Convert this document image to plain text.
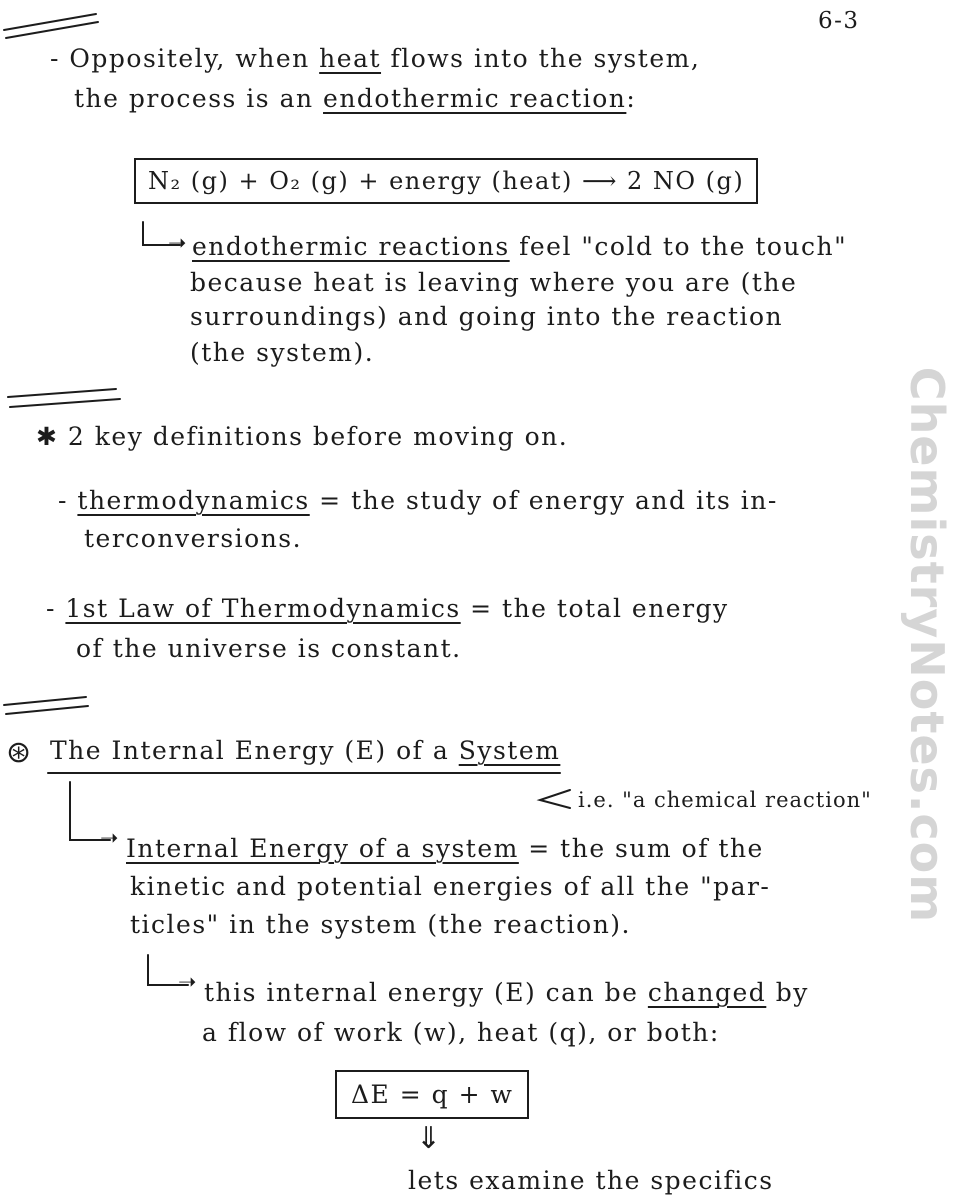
ChemistryNotes.com
6-3
- Oppositely, when heat flows into the system,
the process is an endothermic reaction:
N₂ (g) + O₂ (g) + energy (heat) ⟶ 2 NO (g)
➝ endothermic reactions feel "cold to the touch"
because heat is leaving where you are (the
surroundings) and going into the reaction
(the system).
✱ 2 key definitions before moving on.
- thermodynamics = the study of energy and its in-
terconversions.
- 1st Law of Thermodynamics = the total energy
of the universe is constant.
⊛ The Internal Energy (E) of a System
i.e. "a chemical reaction"
➝ Internal Energy of a system = the sum of the
kinetic and potential energies of all the "par-
ticles" in the system (the reaction).
➝ this internal energy (E) can be changed by
a flow of work (w), heat (q), or both:
ΔE = q + w
⇓
lets examine the specifics
